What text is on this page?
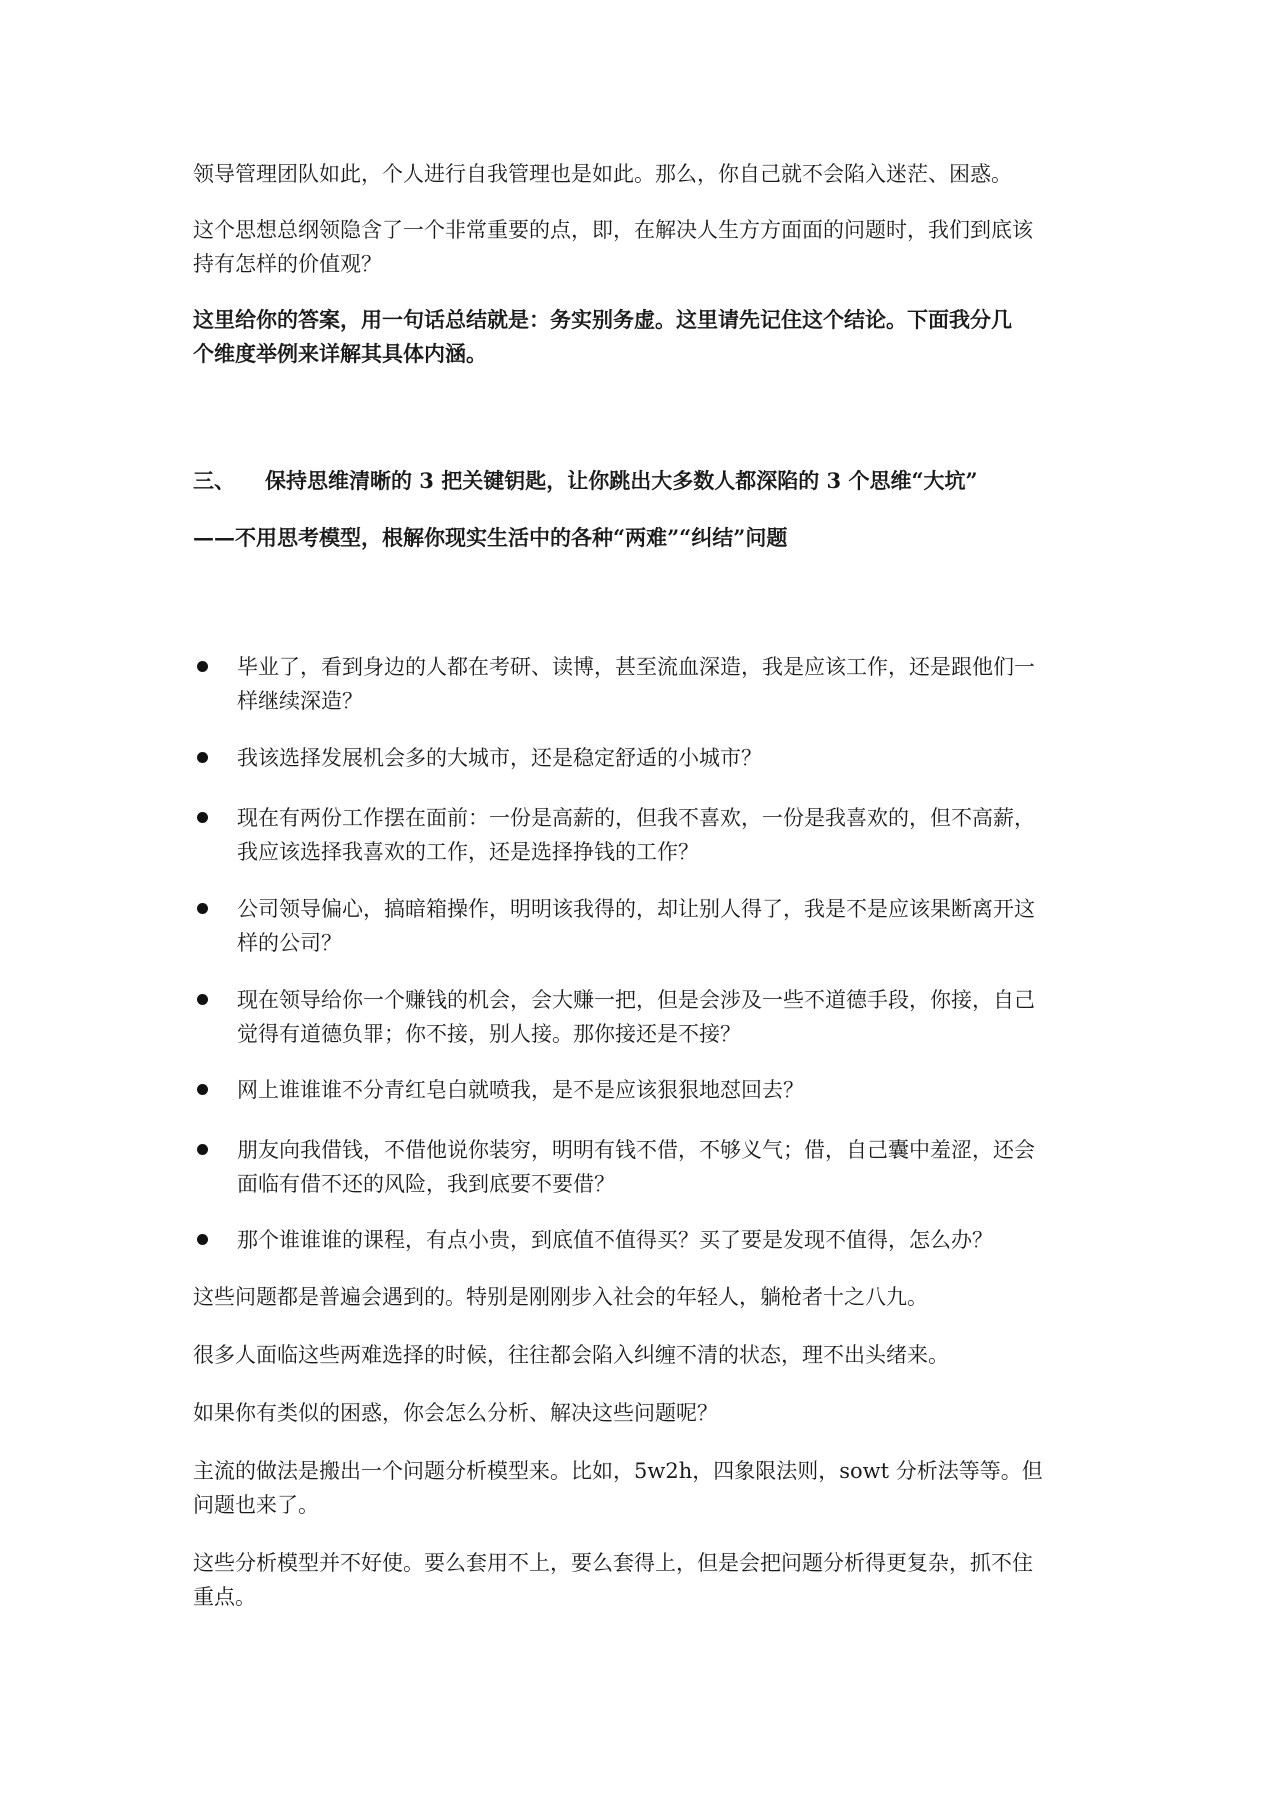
领导管理团队如此，个人进行自我管理也是如此。那么，你自己就不会陷入迷茫、困惑。
这个思想总纲领隐含了一个非常重要的点，即，在解决人生方方面面的问题时，我们到底该
持有怎样的价值观？
这里给你的答案，用一句话总结就是：务实别务虚。这里请先记住这个结论。下面我分几
个维度举例来详解其具体内涵。
三、 保持思维清晰的 3 把关键钥匙，让你跳出大多数人都深陷的 3 个思维“大坑”
——不用思考模型，根解你现实生活中的各种“两难”“纠结”问题
毕业了，看到身边的人都在考研、读博，甚至流血深造，我是应该工作，还是跟他们一
样继续深造？
我该选择发展机会多的大城市，还是稳定舒适的小城市？
现在有两份工作摆在面前：一份是高薪的，但我不喜欢，一份是我喜欢的，但不高薪，
我应该选择我喜欢的工作，还是选择挣钱的工作？
公司领导偏心，搞暗箱操作，明明该我得的，却让别人得了，我是不是应该果断离开这
样的公司？
现在领导给你一个赚钱的机会，会大赚一把，但是会涉及一些不道德手段，你接，自己
觉得有道德负罪；你不接，别人接。那你接还是不接？
网上谁谁谁不分青红皂白就喷我，是不是应该狠狠地怼回去？
朋友向我借钱，不借他说你装穷，明明有钱不借，不够义气；借，自己囊中羞涩，还会
面临有借不还的风险，我到底要不要借？
那个谁谁谁的课程，有点小贵，到底值不值得买？买了要是发现不值得，怎么办？
这些问题都是普遍会遇到的。特别是刚刚步入社会的年轻人，躺枪者十之八九。
很多人面临这些两难选择的时候，往往都会陷入纠缠不清的状态，理不出头绪来。
如果你有类似的困惑，你会怎么分析、解决这些问题呢？
主流的做法是搬出一个问题分析模型来。比如，5w2h，四象限法则，sowt 分析法等等。但
问题也来了。
这些分析模型并不好使。要么套用不上，要么套得上，但是会把问题分析得更复杂，抓不住
重点。
